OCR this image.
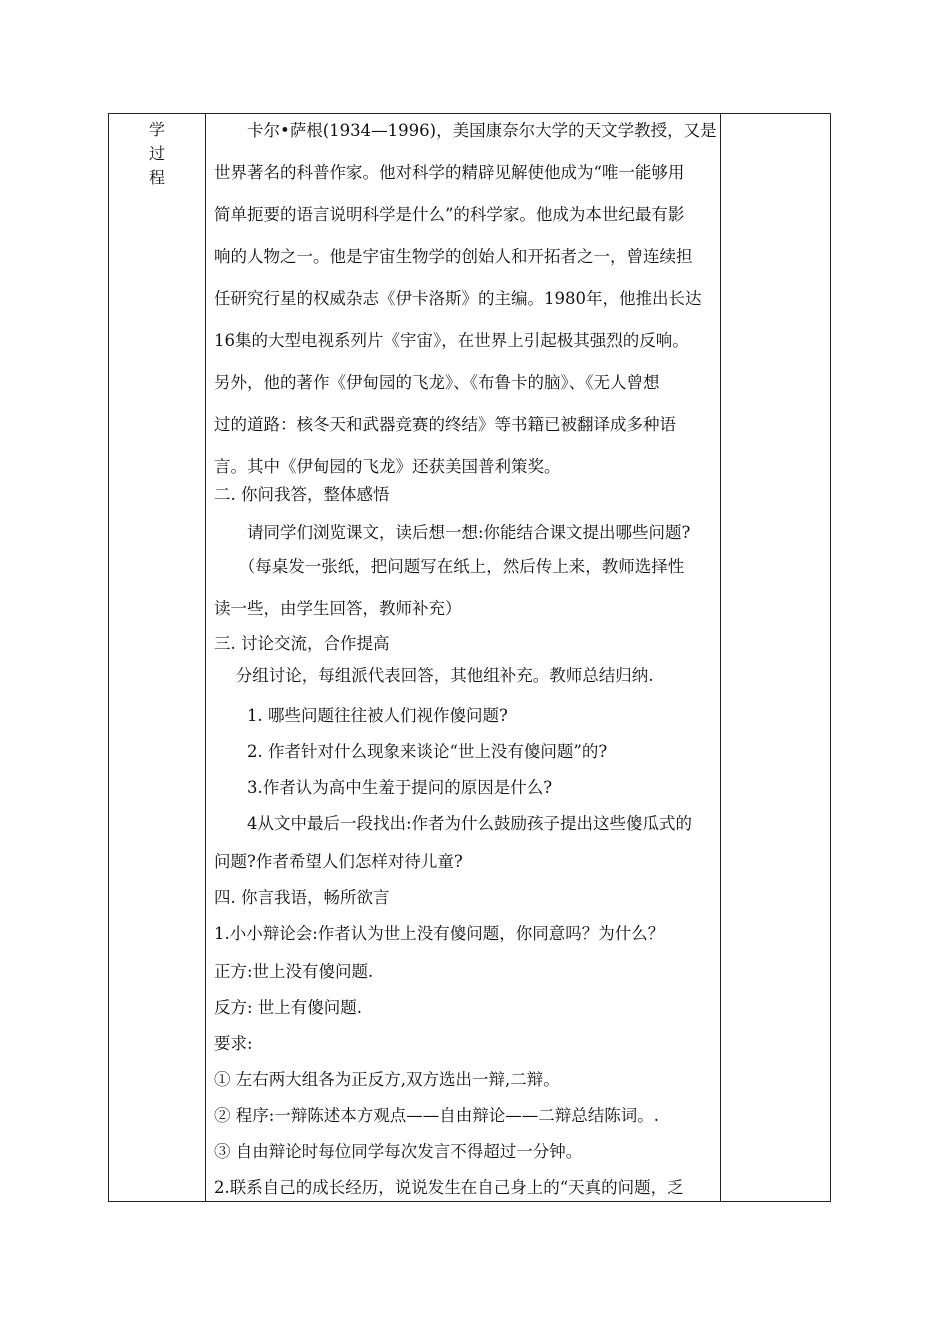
学
过
程
　　卡尔•萨根(1934—1996)，美国康奈尔大学的天文学教授，又是
世界著名的科普作家。他对科学的精辟见解使他成为“唯一能够用
简单扼要的语言说明科学是什么”的科学家。他成为本世纪最有影
响的人物之一。他是宇宙生物学的创始人和开拓者之一，曾连续担
任研究行星的权威杂志《伊卡洛斯》的主编。1980年，他推出长达
16集的大型电视系列片《宇宙》，在世界上引起极其强烈的反响。
另外，他的著作《伊甸园的飞龙》、《布鲁卡的脑》、《无人曾想
过的道路：核冬天和武器竞赛的终结》等书籍已被翻译成多种语
言。其中《伊甸园的飞龙》还获美国普利策奖。
二. 你问我答，整体感悟
　　请同学们浏览课文，读后想一想:你能结合课文提出哪些问题?
　　（每桌发一张纸，把问题写在纸上，然后传上来，教师选择性
读一些，由学生回答，教师补充）
三. 讨论交流，合作提高
　 分组讨论，每组派代表回答，其他组补充。教师总结归纳.
　　1. 哪些问题往往被人们视作傻问题?
　　2. 作者针对什么现象来谈论“世上没有傻问题”的?
　　3.作者认为高中生羞于提问的原因是什么?
　　4从文中最后一段找出:作者为什么鼓励孩子提出这些傻瓜式的
问题?作者希望人们怎样对待儿童?
四. 你言我语，畅所欲言
1.小小辩论会:作者认为世上没有傻问题，你同意吗？为什么？
正方:世上没有傻问题.
反方: 世上有傻问题.
要求:
① 左右两大组各为正反方,双方选出一辩,二辩。
② 程序:一辩陈述本方观点——自由辩论——二辩总结陈词。.
③ 自由辩论时每位同学每次发言不得超过一分钟。
2.联系自己的成长经历，说说发生在自己身上的“天真的问题，乏
